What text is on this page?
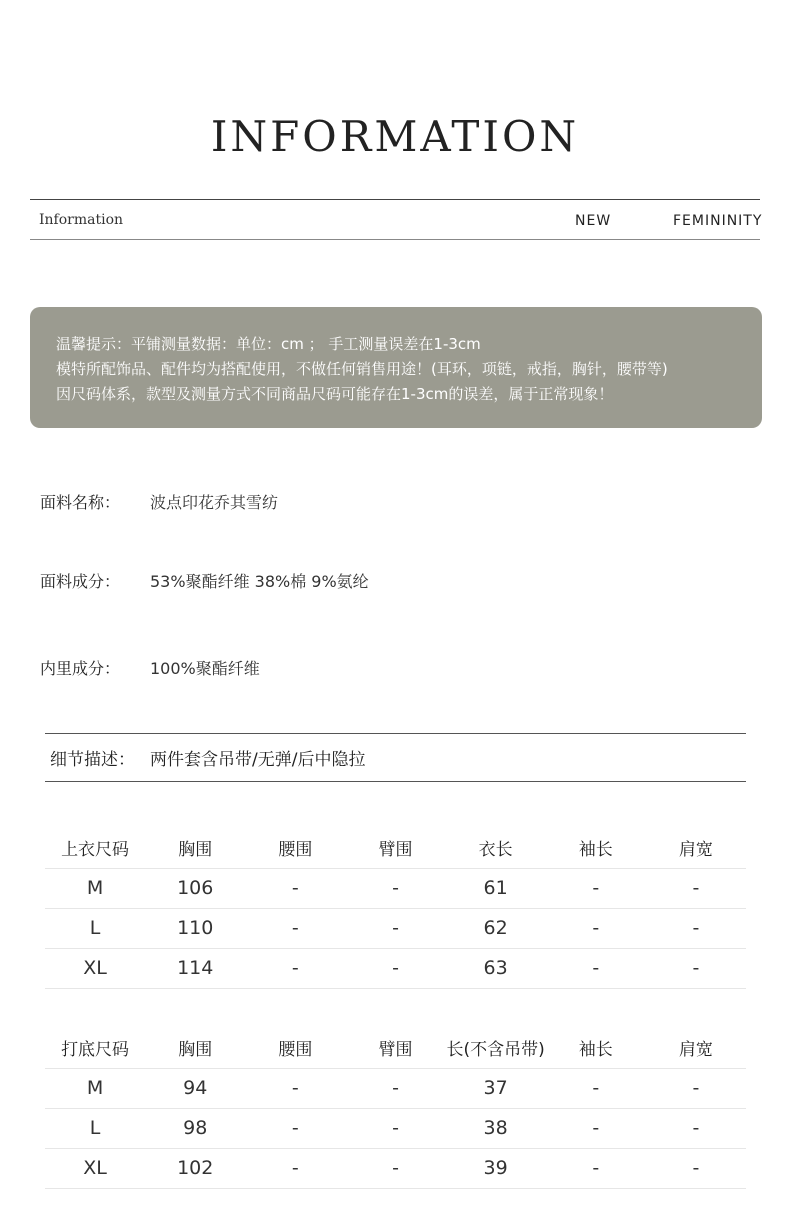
INFORMATION
Information	NEW	FEMININITY
温馨提示：平铺测量数据：单位：cm ； 手工测量误差在1-3cm
模特所配饰品、配件均为搭配使用，不做任何销售用途！(耳环，项链，戒指，胸针，腰带等)
因尺码体系，款型及测量方式不同商品尺码可能存在1-3cm的误差，属于正常现象！
面料名称： 波点印花乔其雪纺
面料成分： 53%聚酯纤维 38%棉 9%氨纶
内里成分： 100%聚酯纤维
细节描述： 两件套含吊带/无弹/后中隐拉
上衣尺码	胸围	腰围	臂围	衣长	袖长	肩宽
M	106	-	-	61	-	-
L	110	-	-	62	-	-
XL	114	-	-	63	-	-
打底尺码	胸围	腰围	臂围	长(不含吊带)	袖长	肩宽
M	94	-	-	37	-	-
L	98	-	-	38	-	-
XL	102	-	-	39	-	-
